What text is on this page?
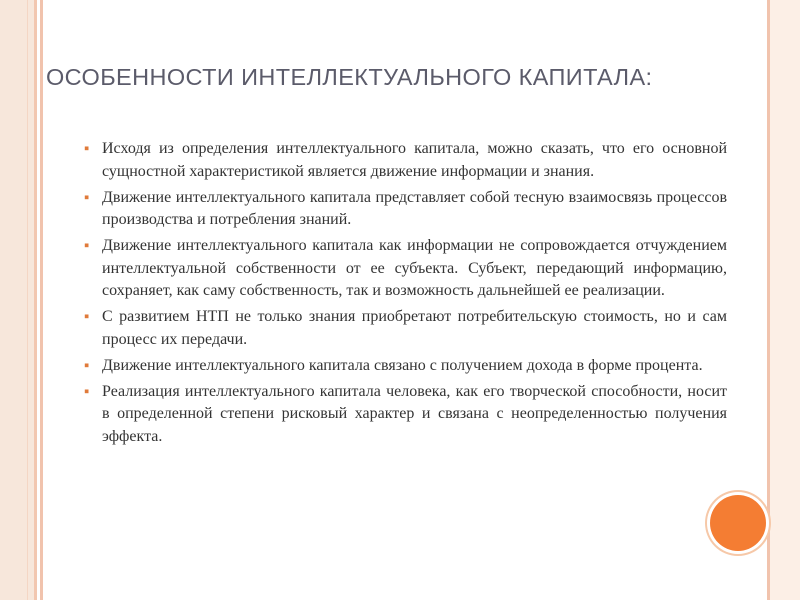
ОСОБЕННОСТИ ИНТЕЛЛЕКТУАЛЬНОГО КАПИТАЛА:
▪ Исходя из определения интеллектуального капитала, можно сказать, что его основной сущностной характеристикой является движение информации и знания.
▪ Движение интеллектуального капитала представляет собой тесную взаимосвязь процессов производства и потребления знаний.
▪ Движение интеллектуального капитала как информации не сопровождается отчуждением интеллектуальной собственности от ее субъекта. Субъект, передающий информацию, сохраняет, как саму собственность, так и возможность дальнейшей ее реализации.
▪ С развитием НТП не только знания приобретают потребительскую стоимость, но и сам процесс их передачи.
▪ Движение интеллектуального капитала связано с получением дохода в форме процента.
▪ Реализация интеллектуального капитала человека, как его творческой способности, носит в определенной степени рисковый характер и связана с неопределенностью получения эффекта.
